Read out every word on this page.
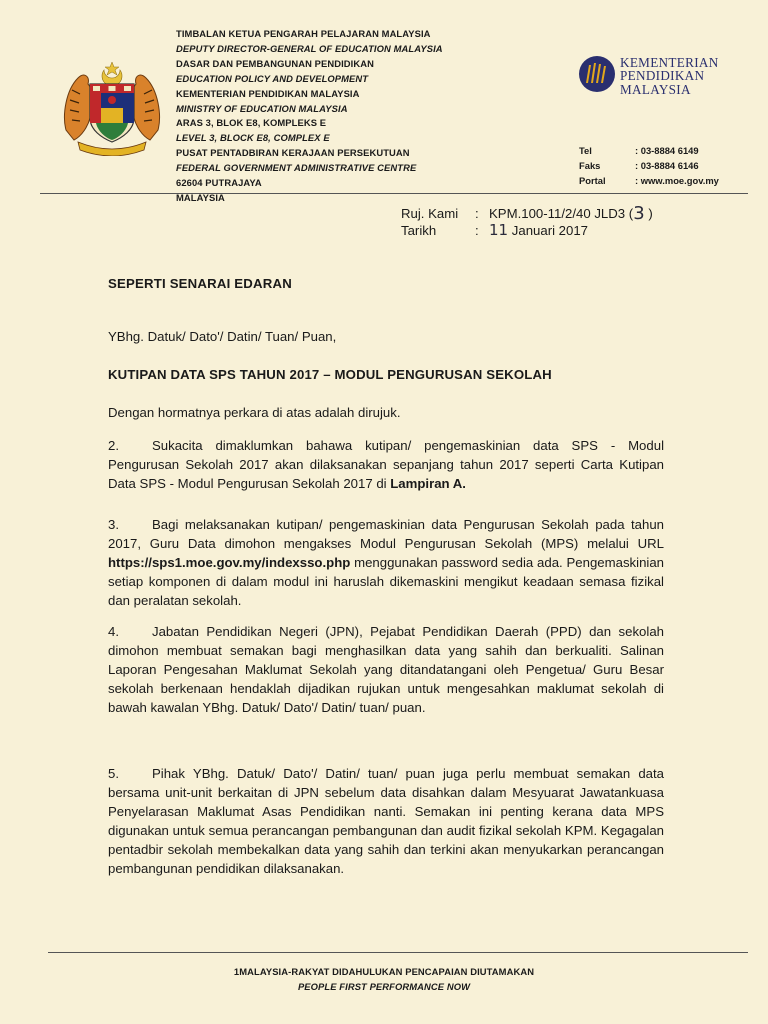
TIMBALAN KETUA PENGARAH PELAJARAN MALAYSIA
DEPUTY DIRECTOR-GENERAL OF EDUCATION MALAYSIA
DASAR DAN PEMBANGUNAN PENDIDIKAN
EDUCATION POLICY AND DEVELOPMENT
KEMENTERIAN PENDIDIKAN MALAYSIA
MINISTRY OF EDUCATION MALAYSIA
ARAS 3, BLOK E8, KOMPLEKS E
LEVEL 3, BLOCK E8, COMPLEX E
PUSAT PENTADBIRAN KERAJAAN PERSEKUTUAN
FEDERAL GOVERNMENT ADMINISTRATIVE CENTRE
62604 PUTRAJAYA
MALAYSIA
KEMENTERIAN
PENDIDIKAN
MALAYSIA
Tel	: 03-8884 6149
Faks	: 03-8884 6146
Portal	: www.moe.gov.my
Ruj. Kami	: KPM.100-11/2/40 JLD3
( 3
)
Tarikh	: 11
Januari 2017
SEPERTI SENARAI EDARAN
YBhg. Datuk/ Dato'/ Datin/ Tuan/ Puan,
KUTIPAN DATA SPS TAHUN 2017 – MODUL PENGURUSAN SEKOLAH
Dengan hormatnya perkara di atas adalah dirujuk.
2.	Sukacita dimaklumkan bahawa kutipan/ pengemaskinian data SPS - Modul Pengurusan Sekolah 2017 akan dilaksanakan sepanjang tahun 2017 seperti Carta Kutipan Data SPS - Modul Pengurusan Sekolah 2017 di Lampiran A.
3.	Bagi melaksanakan kutipan/ pengemaskinian data Pengurusan Sekolah pada tahun 2017, Guru Data dimohon mengakses Modul Pengurusan Sekolah (MPS) melalui URL https://sps1.moe.gov.my/indexsso.php menggunakan password sedia ada. Pengemaskinian setiap komponen di dalam modul ini haruslah dikemaskini mengikut keadaan semasa fizikal dan peralatan sekolah.
4.	Jabatan Pendidikan Negeri (JPN), Pejabat Pendidikan Daerah (PPD) dan sekolah dimohon membuat semakan bagi menghasilkan data yang sahih dan berkualiti. Salinan Laporan Pengesahan Maklumat Sekolah yang ditandatangani oleh Pengetua/ Guru Besar sekolah berkenaan hendaklah dijadikan rujukan untuk mengesahkan maklumat sekolah di bawah kawalan YBhg. Datuk/ Dato'/ Datin/ tuan/ puan.
5.	Pihak YBhg. Datuk/ Dato'/ Datin/ tuan/ puan juga perlu membuat semakan data bersama unit-unit berkaitan di JPN sebelum data disahkan dalam Mesyuarat Jawatankuasa Penyelarasan Maklumat Asas Pendidikan nanti. Semakan ini penting kerana data MPS digunakan untuk semua perancangan pembangunan dan audit fizikal sekolah KPM. Kegagalan pentadbir sekolah membekalkan data yang sahih dan terkini akan menyukarkan perancangan pembangunan pendidikan dilaksanakan.
1MALAYSIA-RAKYAT DIDAHULUKAN PENCAPAIAN DIUTAMAKAN
PEOPLE FIRST PERFORMANCE NOW
